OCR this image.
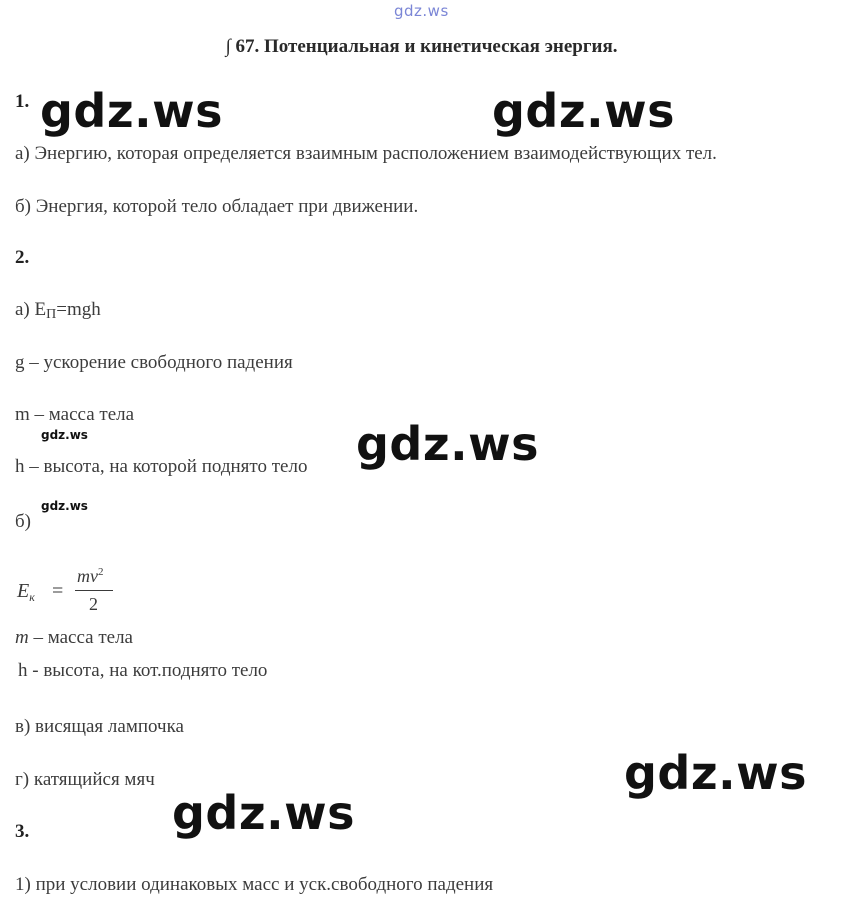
gdz.ws
∫ 67. Потенциальная и кинетическая энергия.
1.
а) Энергию, которая определяется взаимным расположением взаимодействующих тел.
б) Энергия, которой тело обладает при движении.
2.
а) $E_П=mgh$
g – ускорение свободного падения
m – масса тела
h – высота, на которой поднято тело
б)
$E_к$ =
$mv^2$
2
m – масса тела
h - высота, на кот.поднято тело
в) висящая лампочка
г) катящийся мяч
3.
1) при условии одинаковых масс и уск.свободного падения
gdz.ws	gdz.ws
gdz.ws
gdz.ws
gdz.ws
gdz.ws
gdz.ws
